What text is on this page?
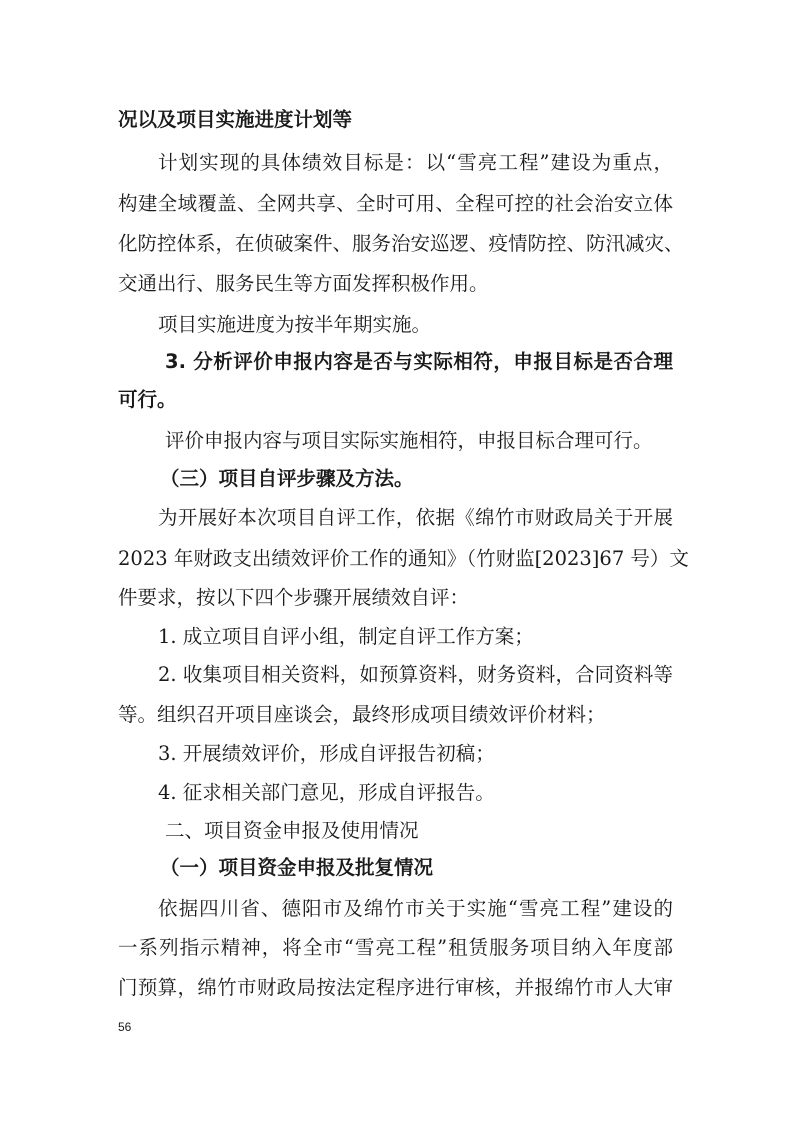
况以及项目实施进度计划等
计划实现的具体绩效目标是：以“雪亮工程”建设为重点，
构建全域覆盖、全网共享、全时可用、全程可控的社会治安立体
化防控体系，在侦破案件、服务治安巡逻、疫情防控、防汛减灾、
交通出行、服务民生等方面发挥积极作用。
项目实施进度为按半年期实施。
3. 分析评价申报内容是否与实际相符，申报目标是否合理
可行。
评价申报内容与项目实际实施相符，申报目标合理可行。
（三）项目自评步骤及方法。
为开展好本次项目自评工作，依据《绵竹市财政局关于开展
2023 年财政支出绩效评价工作的通知》（竹财监[2023]67 号）文
件要求，按以下四个步骤开展绩效自评：
1. 成立项目自评小组，制定自评工作方案；
2. 收集项目相关资料，如预算资料，财务资料，合同资料等
等。组织召开项目座谈会，最终形成项目绩效评价材料；
3. 开展绩效评价，形成自评报告初稿；
4. 征求相关部门意见，形成自评报告。
二、项目资金申报及使用情况
（一）项目资金申报及批复情况
依据四川省、德阳市及绵竹市关于实施“雪亮工程”建设的
一系列指示精神，将全市“雪亮工程”租赁服务项目纳入年度部
门预算，绵竹市财政局按法定程序进行审核，并报绵竹市人大审
56
